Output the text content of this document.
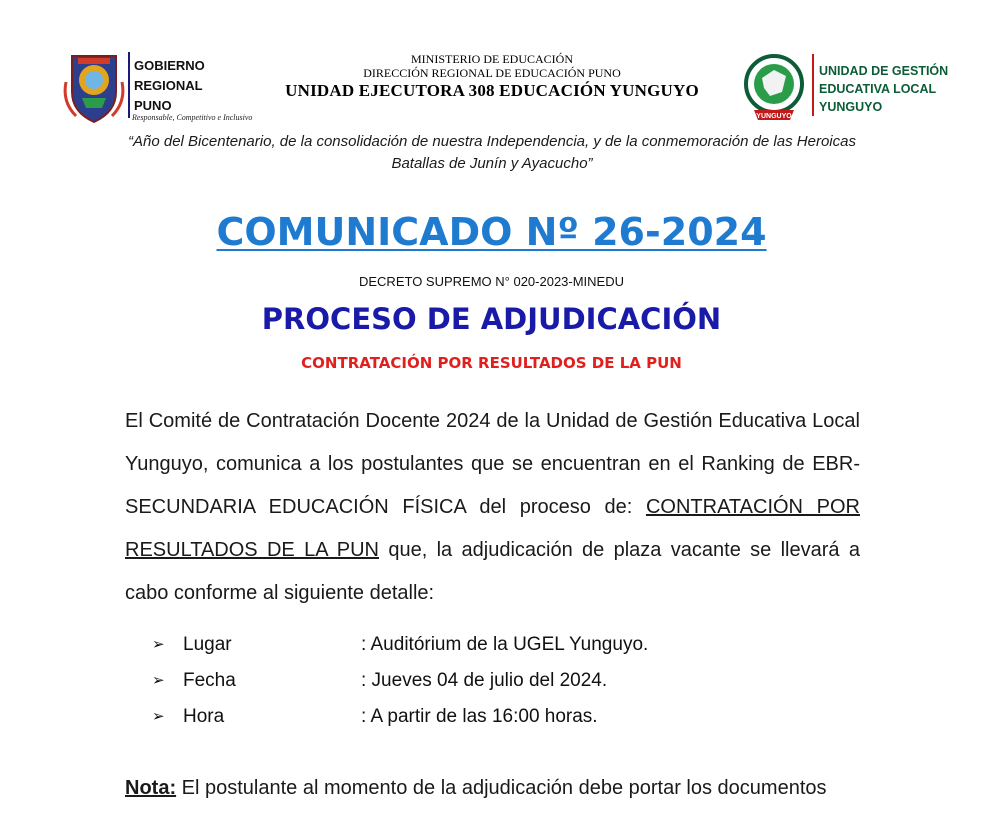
GOBIERNO
REGIONAL
PUNO
Responsable, Competitivo e Inclusivo
MINISTERIO DE EDUCACIÓN
DIRECCIÓN REGIONAL DE EDUCACIÓN PUNO
UNIDAD EJECUTORA 308 EDUCACIÓN YUNGUYO
YUNGUYO
UNIDAD DE GESTIÓN
EDUCATIVA LOCAL
YUNGUYO
“Año del Bicentenario, de la consolidación de nuestra Independencia, y de la conmemoración de las Heroicas Batallas de Junín y Ayacucho”
COMUNICADO Nº 26-2024
DECRETO SUPREMO N° 020-2023-MINEDU
PROCESO DE ADJUDICACIÓN
CONTRATACIÓN POR RESULTADOS DE LA PUN
El Comité de Contratación Docente 2024 de la Unidad de Gestión Educativa Local Yunguyo, comunica a los postulantes que se encuentran en el Ranking de EBR-SECUNDARIA EDUCACIÓN FÍSICA del proceso de: CONTRATACIÓN POR RESULTADOS DE LA PUN que, la adjudicación de plaza vacante se llevará a cabo conforme al siguiente detalle:
➢ Lugar	: Auditórium de la UGEL Yunguyo.
➢ Fecha	: Jueves 04 de julio del 2024.
➢ Hora	: A partir de las 16:00 horas.
Nota: El postulante al momento de la adjudicación debe portar los documentos
